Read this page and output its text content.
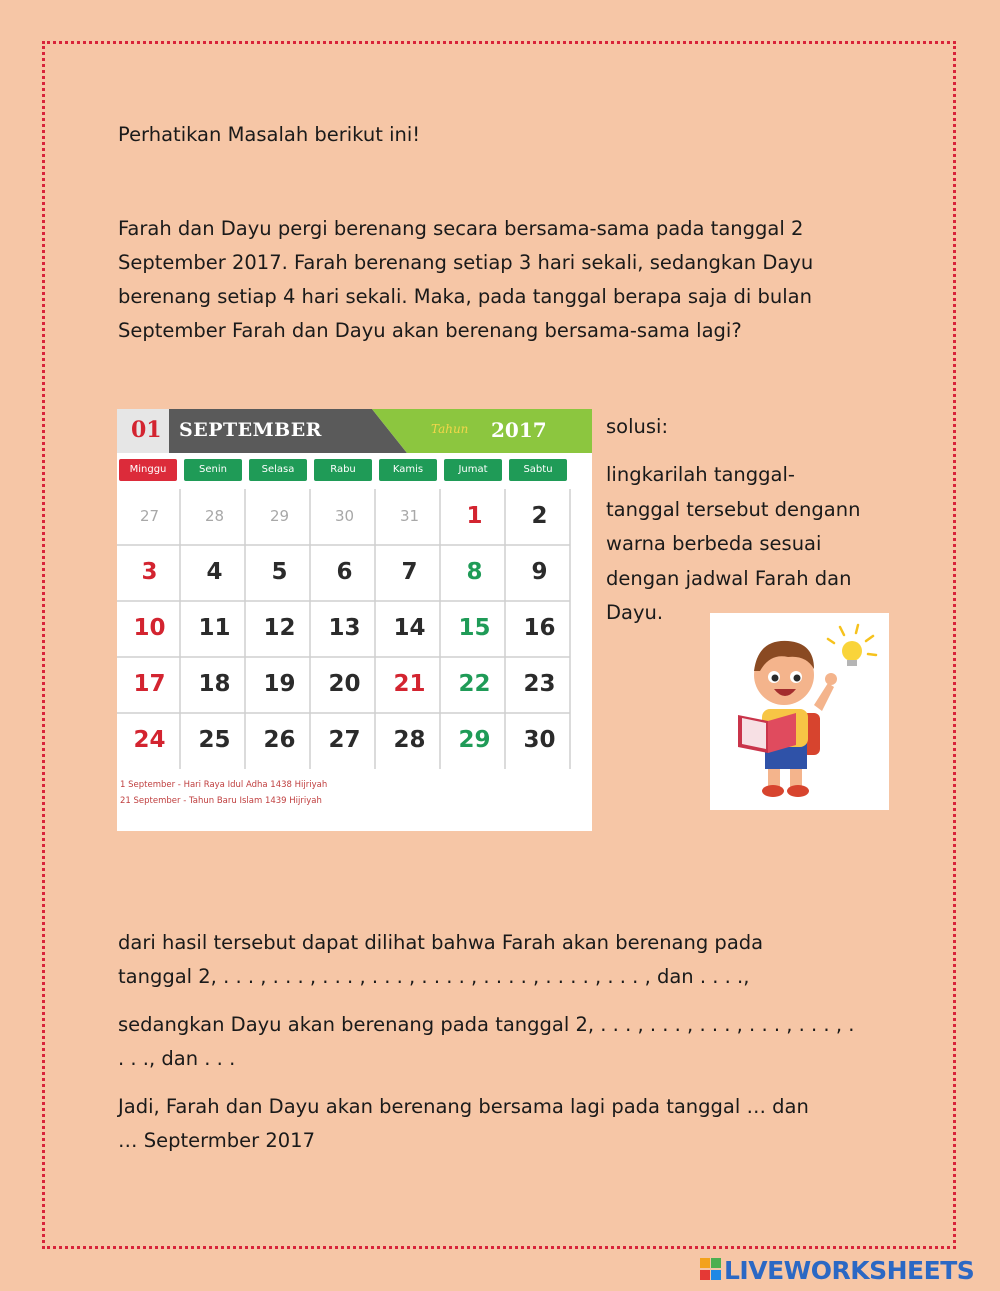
Perhatikan Masalah berikut ini!

Farah dan Dayu pergi berenang secara bersama-sama pada tanggal 2
September 2017. Farah berenang setiap 3 hari sekali, sedangkan Dayu
berenang setiap 4 hari sekali. Maka, pada tanggal berapa saja di bulan
September Farah dan Dayu akan berenang bersama-sama lagi?
01 SEPTEMBER	Tahun 2017
Minggu	Senin	Selasa	Rabu	Kamis	Jumat	Sabtu
27	28	29	30	31	1	2
3	4	5	6	7	8	9
10	11	12	13	14	15	16
17	18	19	20	21	22	23
24	25	26	27	28	29	30
1 September - Hari Raya Idul Adha 1438 Hijriyah
21 September - Tahun Baru Islam 1439 Hijriyah

solusi:

lingkarilah tanggal-
tanggal tersebut dengann
warna berbeda sesuai
dengan jadwal Farah dan
Dayu.
dari hasil tersebut dapat dilihat bahwa Farah akan berenang pada
tanggal 2, . . . , . . . , . . . , . . . , . . . . , . . . . , . . . . , . . . , dan . . . .,
sedangkan Dayu akan berenang pada tanggal 2, . . . , . . . , . . . , . . . , . . . , .
. . ., dan . . .
Jadi, Farah dan Dayu akan berenang bersama lagi pada tanggal … dan
… Septermber 2017
LIVEWORKSHEETS
